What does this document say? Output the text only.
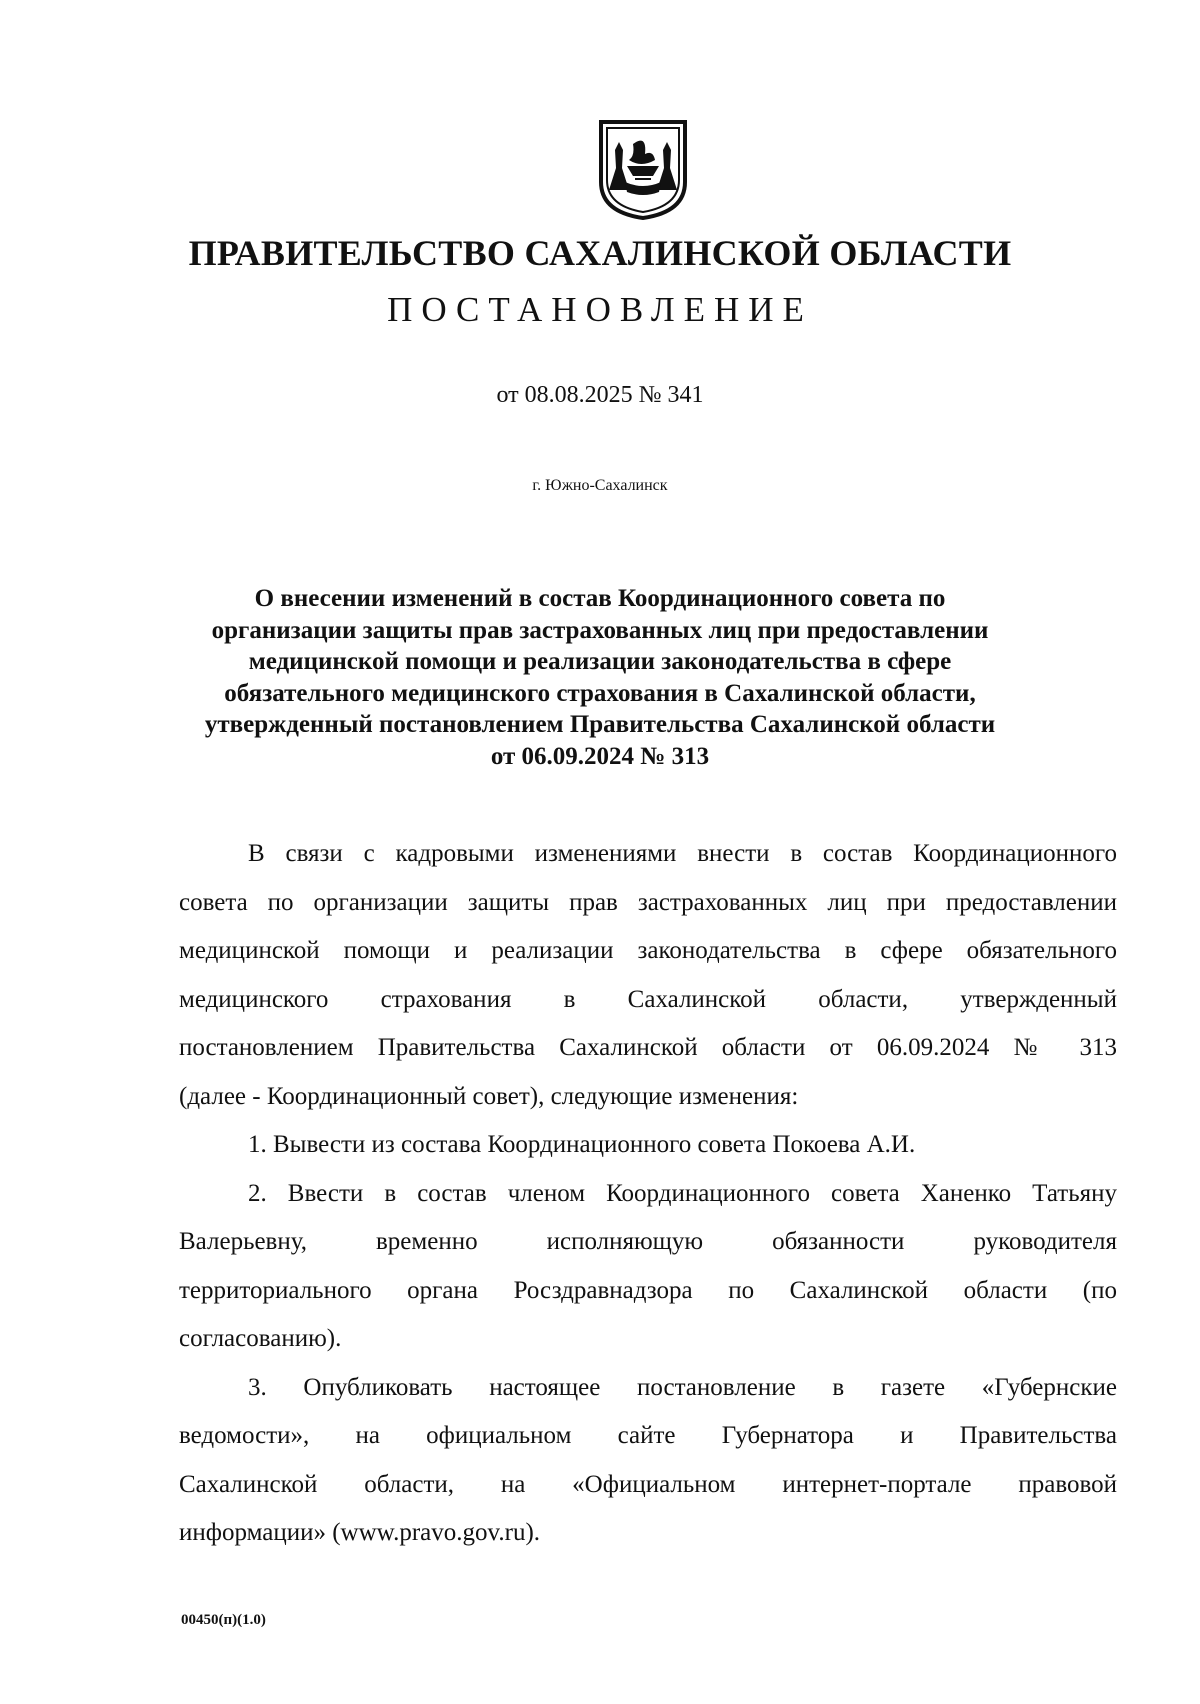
ПРАВИТЕЛЬСТВО САХАЛИНСКОЙ ОБЛАСТИ
ПОСТАНОВЛЕНИЕ
от 08.08.2025 № 341
г. Южно-Сахалинск
О внесении изменений в состав Координационного совета по
организации защиты прав застрахованных лиц при предоставлении
медицинской помощи и реализации законодательства в сфере
обязательного медицинского страхования в Сахалинской области,
утвержденный постановлением Правительства Сахалинской области
от 06.09.2024 № 313
В связи с кадровыми изменениями внести в состав Координационного
совета по организации защиты прав застрахованных лиц при предоставлении
медицинской помощи и реализации законодательства в сфере обязательного
медицинского страхования в Сахалинской области, утвержденный
постановлением Правительства Сахалинской области от 06.09.2024 № 313
(далее - Координационный совет), следующие изменения:
1. Вывести из состава Координационного совета Покоева А.И.
2. Ввести в состав членом Координационного совета Ханенко Татьяну
Валерьевну, временно исполняющую обязанности руководителя
территориального органа Росздравнадзора по Сахалинской области (по
согласованию).
3. Опубликовать настоящее постановление в газете «Губернские
ведомости», на официальном сайте Губернатора и Правительства
Сахалинской области, на «Официальном интернет-портале правовой
информации» (www.pravo.gov.ru).
00450(п)(1.0)
